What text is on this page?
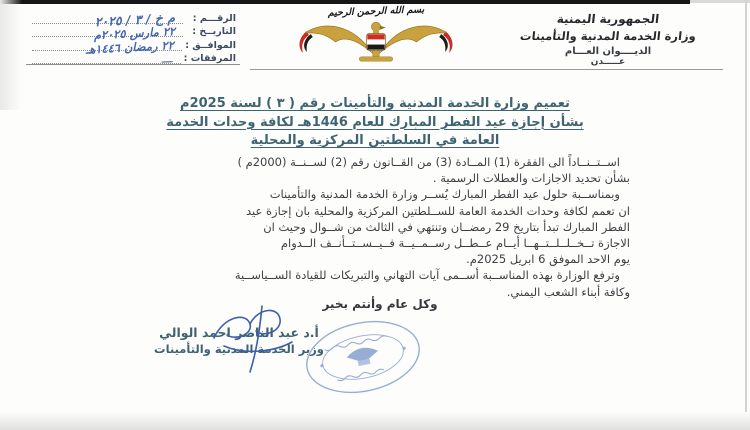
الرقـــم :
م خ / ٣ / ٢٠٢٥
التاريــخ :
٢٢ مارس ٢٠٢٥م
الموافــق :
٢٢ رمضان ١٤٤٦هـ
المرفقات :
ــــ
بسم الله الرحمن الرحيم
الجمهورية اليمنية
وزارة الخدمة المدنية والتأمينات
الديــــوان العـــام
عـــــدن
تعميم وزارة الخدمة المدنية والتأمينات رقم ( ٣ ) لسنة 2025م
بشأن إجازة عيد الفطر المبارك للعام 1446هـ لكافة وحدات الخدمة
العامة في السلطتين المركزية والمحلية
اســتــنــاداً الى الفقرة (1) المــادة (3) من القــانون رقم (2) لســنــة (2000م )
بشأن تحديد الاجازات والعطلات الرسمية .
وبمناســبة حلول عيد الفطر المبارك يُســر وزارة الخدمة المدنية والتأمينات
ان تعمم لكافة وحدات الخدمة العامة للســلطتين المركزية والمحلية بان إجازة عيد
الفطر المبارك تبدأ بتاريخ 29 رمضــان وتنتهي في الثالث من شــوال وحيث ان
الاجازة تــخــلــلــتــهــا أيــام عــطــل رســمــيــة فــيــســتــأنــف الــدوام
يوم الاحد الموفق 6 ابريل 2025م.
وترفع الوزارة بهذه المناســبة أســمى آيات التهاني والتبريكات للقيادة الســياســية
وكافة أبناء الشعب اليمني.
وكل عام وأنتم بخير
أ.د عبد الناصر احمد الوالي
وزير الخدمة المدنية والتأمينات
